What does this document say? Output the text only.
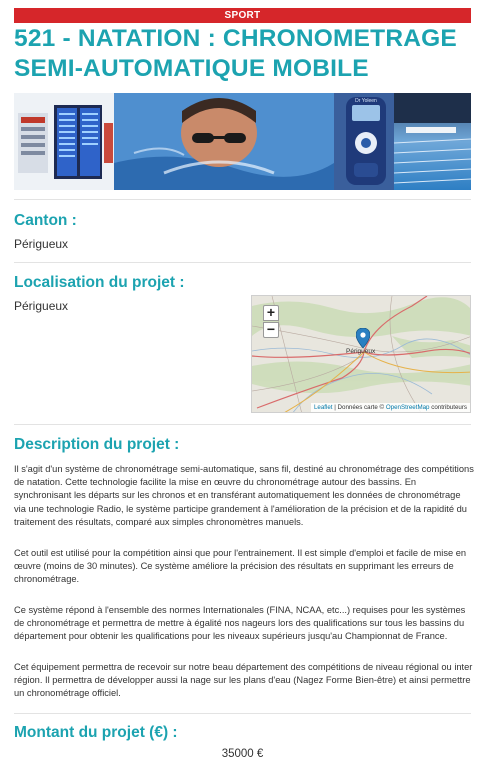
SPORT
521 - NATATION : CHRONOMETRAGE SEMI-AUTOMATIQUE MOBILE
Dr Yoleen
Canton :
Périgueux
Localisation du projet :
Périgueux	+
−
Périgueux
Leaflet | Données carte © OpenStreetMap contributeurs
Description du projet :

Il s'agit d'un système de chronométrage semi-automatique, sans fil, destiné au chronométrage des compétitions de natation. Cette technologie facilite la mise en œuvre du chronométrage autour des bassins. En synchronisant les départs sur les chronos et en transférant automatiquement les données de chronométrage via une technologie Radio, le système participe grandement à l'amélioration de la précision et de la rapidité du traitement des résultats, comparé aux simples chronomètres manuels.

Cet outil est utilisé pour la compétition ainsi que pour l'entrainement. Il est simple d'emploi et facile de mise en œuvre (moins de 30 minutes). Ce système améliore la précision des résultats en supprimant les erreurs de chronométrage.

Ce système répond à l'ensemble des normes Internationales (FINA, NCAA, etc...) requises pour les systèmes de chronométrage et permettra de mettre à égalité nos nageurs lors des qualifications sur tous les bassins du département pour obtenir les qualifications pour les niveaux supérieurs jusqu'au Championnat de France.

Cet équipement permettra de recevoir sur notre beau département des compétitions de niveau régional ou inter région. Il permettra de développer aussi la nage sur les plans d'eau (Nagez Forme Bien-être) et ainsi permettre un chronométrage officiel.

Montant du projet (€) :
35000 €
